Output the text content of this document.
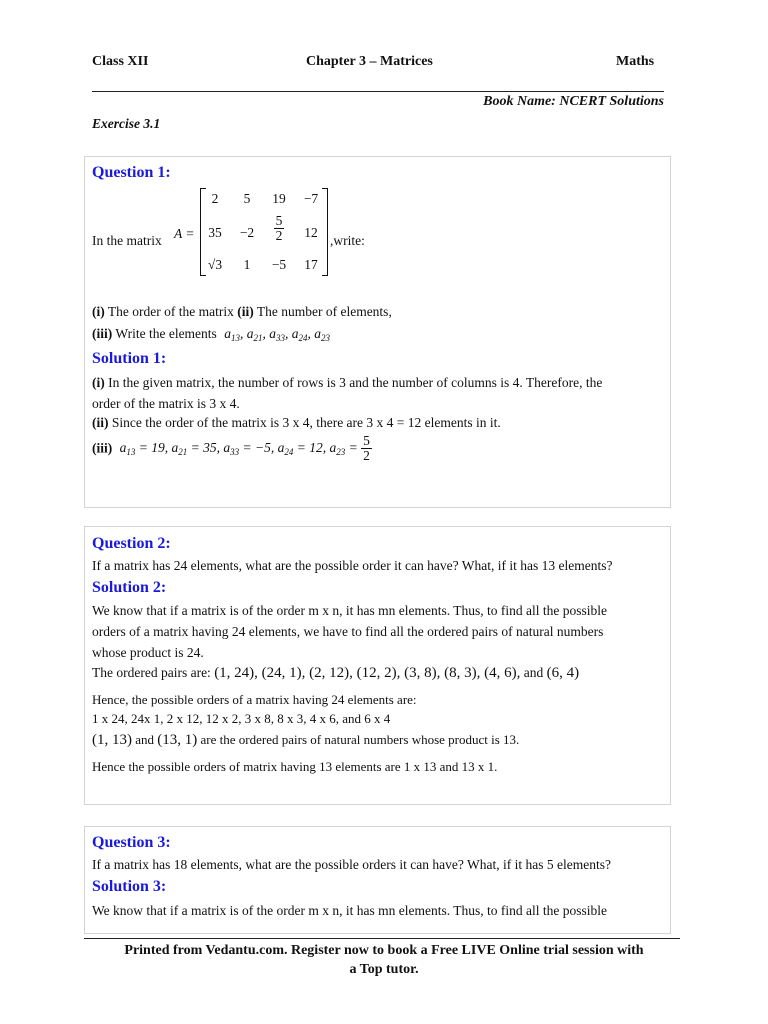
Class XII	Chapter 3 – Matrices	Maths
Book Name: NCERT Solutions
Exercise 3.1
Question 1:
In the matrix A =
2	5	19	−7
35	−2	$\frac{5}{2}$	12
√3	1	−5	17
,write:
(i) The order of the matrix (ii) The number of elements,
(iii) Write the elements $a_{13}$, $a_{21}$, $a_{33}$, $a_{24}$, $a_{23}$
Solution 1:
(i) In the given matrix, the number of rows is 3 and the number of columns is 4. Therefore, the
order of the matrix is 3 x 4.
(ii) Since the order of the matrix is 3 x 4, there are 3 x 4 = 12 elements in it.
(iii) $a_{13} = 19$, $a_{21} = 35$, $a_{33} = -5$, $a_{24} = 12$, $a_{23} = \frac{5}{2}$
Question 2:
If a matrix has 24 elements, what are the possible order it can have? What, if it has 13 elements?
Solution 2:
We know that if a matrix is of the order m x n, it has mn elements. Thus, to find all the possible
orders of a matrix having 24 elements, we have to find all the ordered pairs of natural numbers
whose product is 24.
The ordered pairs are: (1, 24), (24, 1), (2, 12), (12, 2), (3, 8), (8, 3), (4, 6), and (6, 4)
Hence, the possible orders of a matrix having 24 elements are:
1 x 24, 24x 1, 2 x 12, 12 x 2, 3 x 8, 8 x 3, 4 x 6, and 6 x 4
(1, 13) and (13, 1) are the ordered pairs of natural numbers whose product is 13.
Hence the possible orders of matrix having 13 elements are 1 x 13 and 13 x 1.
Question 3:
If a matrix has 18 elements, what are the possible orders it can have? What, if it has 5 elements?
Solution 3:
We know that if a matrix is of the order m x n, it has mn elements. Thus, to find all the possible
Printed from Vedantu.com. Register now to book a Free LIVE Online trial session with
a Top tutor.
